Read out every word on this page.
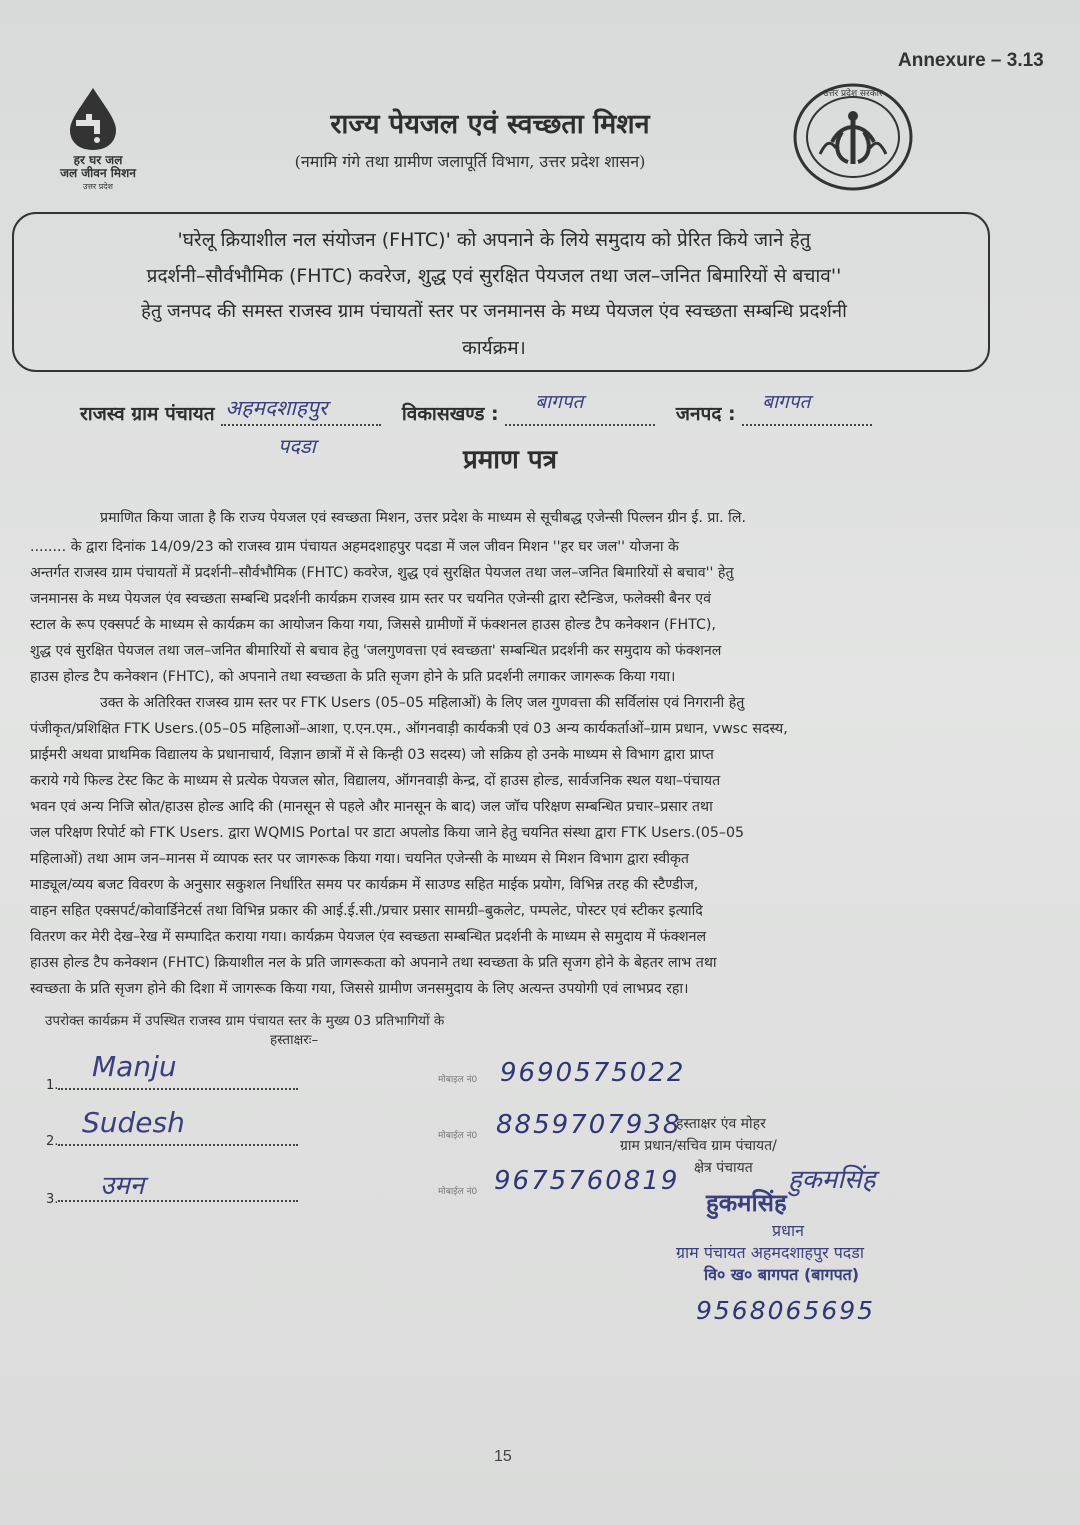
Annexure – 3.13
हर घर जल
जल जीवन मिशन
उत्तर प्रदेश
राज्य पेयजल एवं स्वच्छता मिशन
(नमामि गंगे तथा ग्रामीण जलापूर्ति विभाग, उत्तर प्रदेश शासन)
उत्तर प्रदेश सरकार
'घरेलू क्रियाशील नल संयोजन (FHTC)' को अपनाने के लिये समुदाय को प्रेरित किये जाने हेतु
प्रदर्शनी–सौर्वभौमिक (FHTC) कवरेज, शुद्ध एवं सुरक्षित पेयजल तथा जल–जनित बिमारियों से बचाव''
हेतु जनपद की समस्त राजस्व ग्राम पंचायतों स्तर पर जनमानस के मध्य पेयजल एंव स्वच्छता सम्बन्धि प्रदर्शनी
कार्यक्रम।
राजस्व ग्राम पंचायत अहमदशाहपुर	विकासखण्ड :
बागपत
जनपद :
बागपत
पदडा	प्रमाण पत्र
प्रमाणित किया जाता है कि राज्य पेयजल एवं स्वच्छता मिशन, उत्तर प्रदेश के माध्यम से सूचीबद्ध एजेन्सी पिल्लन ग्रीन ई. प्रा. लि.
........ के द्वारा दिनांक 14/09/23 को राजस्व ग्राम पंचायत अहमदशाहपुर पदडा में जल जीवन मिशन ''हर घर जल'' योजना के
अन्तर्गत राजस्व ग्राम पंचायतों में प्रदर्शनी–सौर्वभौमिक (FHTC) कवरेज, शुद्ध एवं सुरक्षित पेयजल तथा जल–जनित बिमारियों से बचाव'' हेतु
जनमानस के मध्य पेयजल एंव स्वच्छता सम्बन्धि प्रदर्शनी कार्यक्रम राजस्व ग्राम स्तर पर चयनित एजेन्सी द्वारा स्टैन्डिज, फलेक्सी बैनर एवं
स्टाल के रूप एक्सपर्ट के माध्यम से कार्यक्रम का आयोजन किया गया, जिससे ग्रामीणों में फंक्शनल हाउस होल्ड टैप कनेक्शन (FHTC),
शुद्ध एवं सुरक्षित पेयजल तथा जल–जनित बीमारियों से बचाव हेतु 'जलगुणवत्ता एवं स्वच्छता' सम्बन्धित प्रदर्शनी कर समुदाय को फंक्शनल
हाउस होल्ड टैप कनेक्शन (FHTC), को अपनाने तथा स्वच्छता के प्रति सृजग होने के प्रति प्रदर्शनी लगाकर जागरूक किया गया।
उक्त के अतिरिक्त राजस्व ग्राम स्तर पर FTK Users (05–05 महिलाओं) के लिए जल गुणवत्ता की सर्विलांस एवं निगरानी हेतु
पंजीकृत/प्रशिक्षित FTK Users.(05–05 महिलाओं–आशा, ए.एन.एम., ऑगनवाड़ी कार्यकत्री एवं 03 अन्य कार्यकर्ताओं–ग्राम प्रधान, vwsc सदस्य,
प्राईमरी अथवा प्राथमिक विद्यालय के प्रधानाचार्य, विज्ञान छात्रों में से किन्ही 03 सदस्य) जो सक्रिय हो उनके माध्यम से विभाग द्वारा प्राप्त
कराये गये फिल्ड टेस्ट किट के माध्यम से प्रत्येक पेयजल स्रोत, विद्यालय, ऑगनवाड़ी केन्द्र, दों हाउस होल्ड, सार्वजनिक स्थल यथा–पंचायत
भवन एवं अन्य निजि स्रोत/हाउस होल्ड आदि की (मानसून से पहले और मानसून के बाद) जल जॉच परिक्षण सम्बन्धित प्रचार–प्रसार तथा
जल परिक्षण रिपोर्ट को FTK Users. द्वारा WQMIS Portal पर डाटा अपलोड किया जाने हेतु चयनित संस्था द्वारा FTK Users.(05–05
महिलाओं) तथा आम जन–मानस में व्यापक स्तर पर जागरूक किया गया। चयनित एजेन्सी के माध्यम से मिशन विभाग द्वारा स्वीकृत
माड्यूल/व्यय बजट विवरण के अनुसार सकुशल निर्धारित समय पर कार्यक्रम में साउण्ड सहित माईक प्रयोग, विभिन्न तरह की स्टैण्डीज,
वाहन सहित एक्सपर्ट/कोवार्डिनेटर्स तथा विभिन्न प्रकार की आई.ई.सी./प्रचार प्रसार सामग्री–बुकलेट, पम्पलेट, पोस्टर एवं स्टीकर इत्यादि
वितरण कर मेरी देख–रेख में सम्पादित कराया गया। कार्यक्रम पेयजल एंव स्वच्छता सम्बन्धित प्रदर्शनी के माध्यम से समुदाय में फंक्शनल
हाउस होल्ड टैप कनेक्शन (FHTC) क्रियाशील नल के प्रति जागरूकता को अपनाने तथा स्वच्छता के प्रति सृजग होने के बेहतर लाभ तथा
स्वच्छता के प्रति सृजग होने की दिशा में जागरूक किया गया, जिससे ग्रामीण जनसमुदाय के लिए अत्यन्त उपयोगी एवं लाभप्रद रहा।
उपरोक्त कार्यक्रम में उपस्थित राजस्व ग्राम पंचायत स्तर के मुख्य 03 प्रतिभागियों के
हस्ताक्षरः–
1.
Manju	मोबाइल नं0 9690575022
2.
Sudesh	मोबाईल नं0 8859707938
3. उमन	मोबाईल नं0 9675760819
हस्ताक्षर एंव मोहर
ग्राम प्रधान/सचिव ग्राम पंचायत/
क्षेत्र पंचायत हुकमसिंह
हुकमसिंह
प्रधान
ग्राम पंचायत अहमदशाहपुर पदडा
वि० ख० बागपत (बागपत)
9568065695
15
